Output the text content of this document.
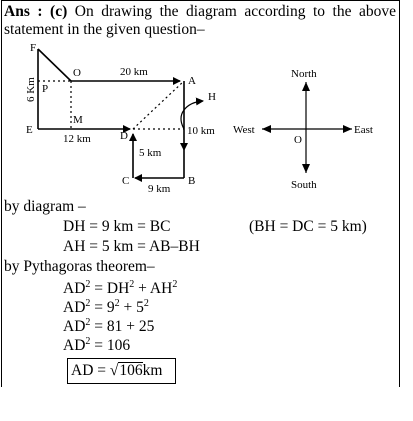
Ans : (c) On drawing the diagram according to the above statement in the given question–
F
P
O
A
H
M
E	D
B
C
6 Km
20 km
12 km
10 km
5 km
9 km
North
South
West	East
O
by diagram –
DH = 9 km = BC	(BH = DC = 5 km)
AH = 5 km = AB–BH
by Pythagoras theorem–
$AD^2 = DH^2 + AH^2$
$AD^2 = 9^2 + 5^2$
$AD^2 = 81 + 25$
$AD^2 = 106$
AD = √106km
